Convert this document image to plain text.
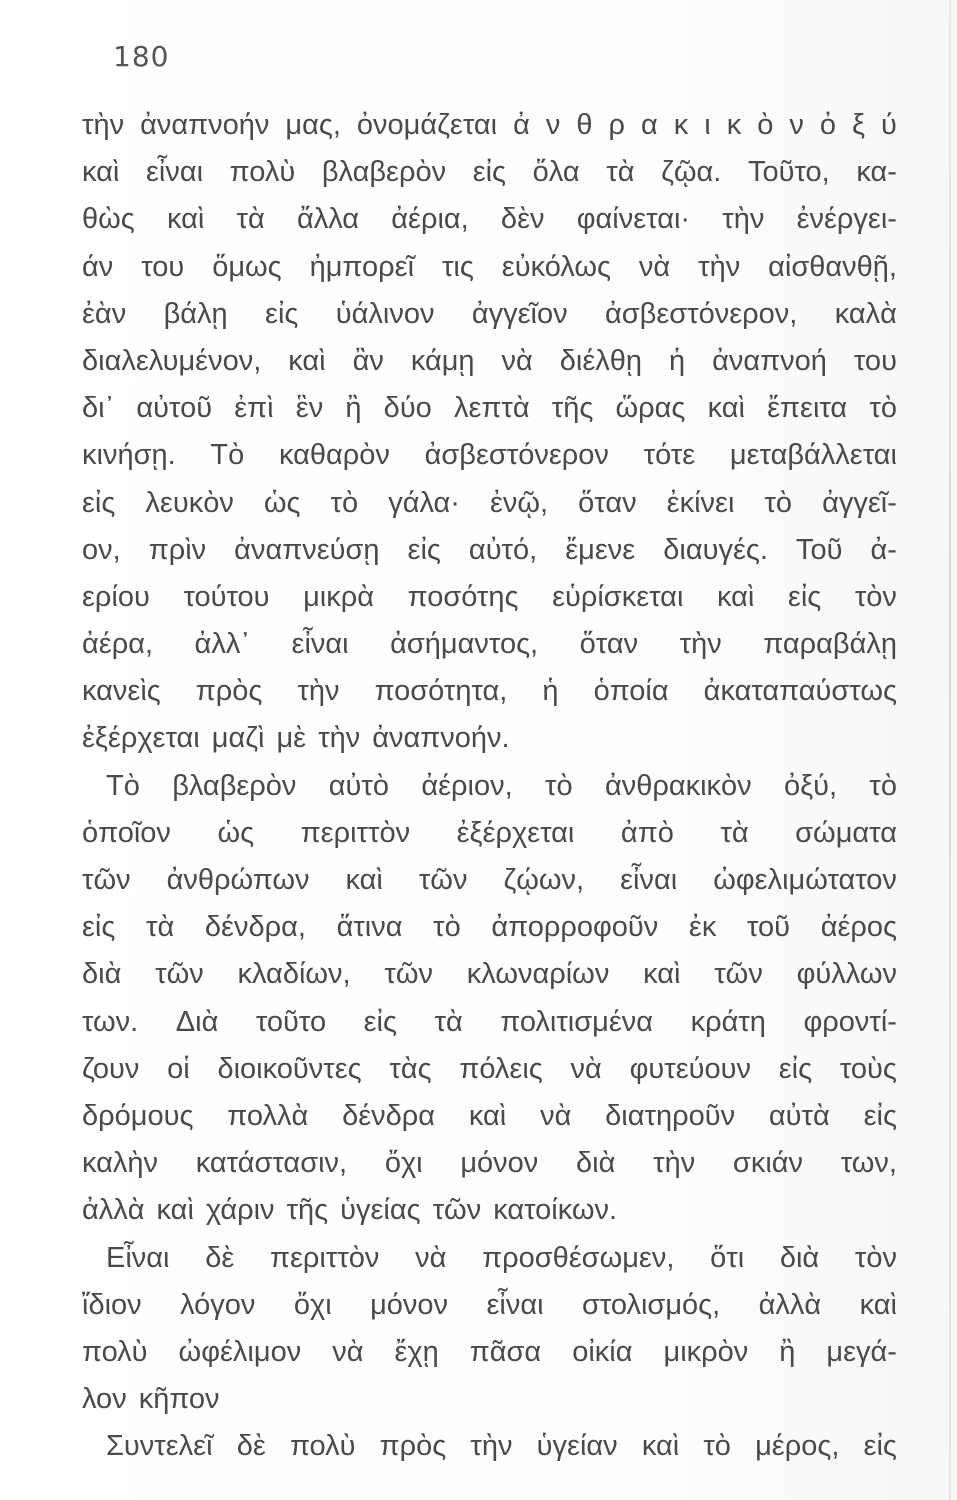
180
τὴν ἀναπνοήν μας, ὀνομάζεται ἀ ν θ ρ α κ ι κ ὸ ν ὀ ξ ύ
καὶ εἶναι πολὺ βλαβερὸν εἰς ὅλα τὰ ζῷα. Τοῦτο, κα-
θὼς καὶ τὰ ἄλλα ἀέρια, δὲν φαίνεται· τὴν ἐνέργει-
άν του ὅμως ἠμπορεῖ τις εὐκόλως νὰ τὴν αἰσθανθῇ,
ἐὰν βάλῃ εἰς ὑάλινον ἀγγεῖον ἀσβεστόνερον, καλὰ
διαλελυμένον, καὶ ἂν κάμῃ νὰ διέλθῃ ἡ ἀναπνοή του
δι᾽ αὐτοῦ ἐπὶ ἓν ἢ δύο λεπτὰ τῆς ὥρας καὶ ἔπειτα τὸ
κινήσῃ. Τὸ καθαρὸν ἀσβεστόνερον τότε μεταβάλλεται
εἰς λευκὸν ὡς τὸ γάλα· ἐνῷ, ὅταν ἐκίνει τὸ ἀγγεῖ-
ον, πρὶν ἀναπνεύσῃ εἰς αὐτό, ἔμενε διαυγές. Τοῦ ἀ-
ερίου τούτου μικρὰ ποσότης εὑρίσκεται καὶ εἰς τὸν
ἀέρα, ἀλλ᾽ εἶναι ἀσήμαντος, ὅταν τὴν παραβάλῃ
κανεὶς πρὸς τὴν ποσότητα, ἡ ὁποία ἀκαταπαύστως
ἐξέρχεται μαζὶ μὲ τὴν ἀναπνοήν.
Τὸ βλαβερὸν αὐτὸ ἀέριον, τὸ ἀνθρακικὸν ὀξύ, τὸ
ὁποῖον ὡς περιττὸν ἐξέρχεται ἀπὸ τὰ σώματα
τῶν ἀνθρώπων καὶ τῶν ζῴων, εἶναι ὠφελιμώτατον
εἰς τὰ δένδρα, ἅτινα τὸ ἀπορροφοῦν ἐκ τοῦ ἀέρος
διὰ τῶν κλαδίων, τῶν κλωναρίων καὶ τῶν φύλλων
των. Διὰ τοῦτο εἰς τὰ πολιτισμένα κράτη φροντί-
ζουν οἱ διοικοῦντες τὰς πόλεις νὰ φυτεύουν εἰς τοὺς
δρόμους πολλὰ δένδρα καὶ νὰ διατηροῦν αὐτὰ εἰς
καλὴν κατάστασιν, ὄχι μόνον διὰ τὴν σκιάν των,
ἀλλὰ καὶ χάριν τῆς ὑγείας τῶν κατοίκων.
Εἶναι δὲ περιττὸν νὰ προσθέσωμεν, ὅτι διὰ τὸν
ἴδιον λόγον ὄχι μόνον εἶναι στολισμός, ἀλλὰ καὶ
πολὺ ὠφέλιμον νὰ ἔχῃ πᾶσα οἰκία μικρὸν ἢ μεγά-
λον κῆπον
Συντελεῖ δὲ πολὺ πρὸς τὴν ὑγείαν καὶ τὸ μέρος, εἰς
